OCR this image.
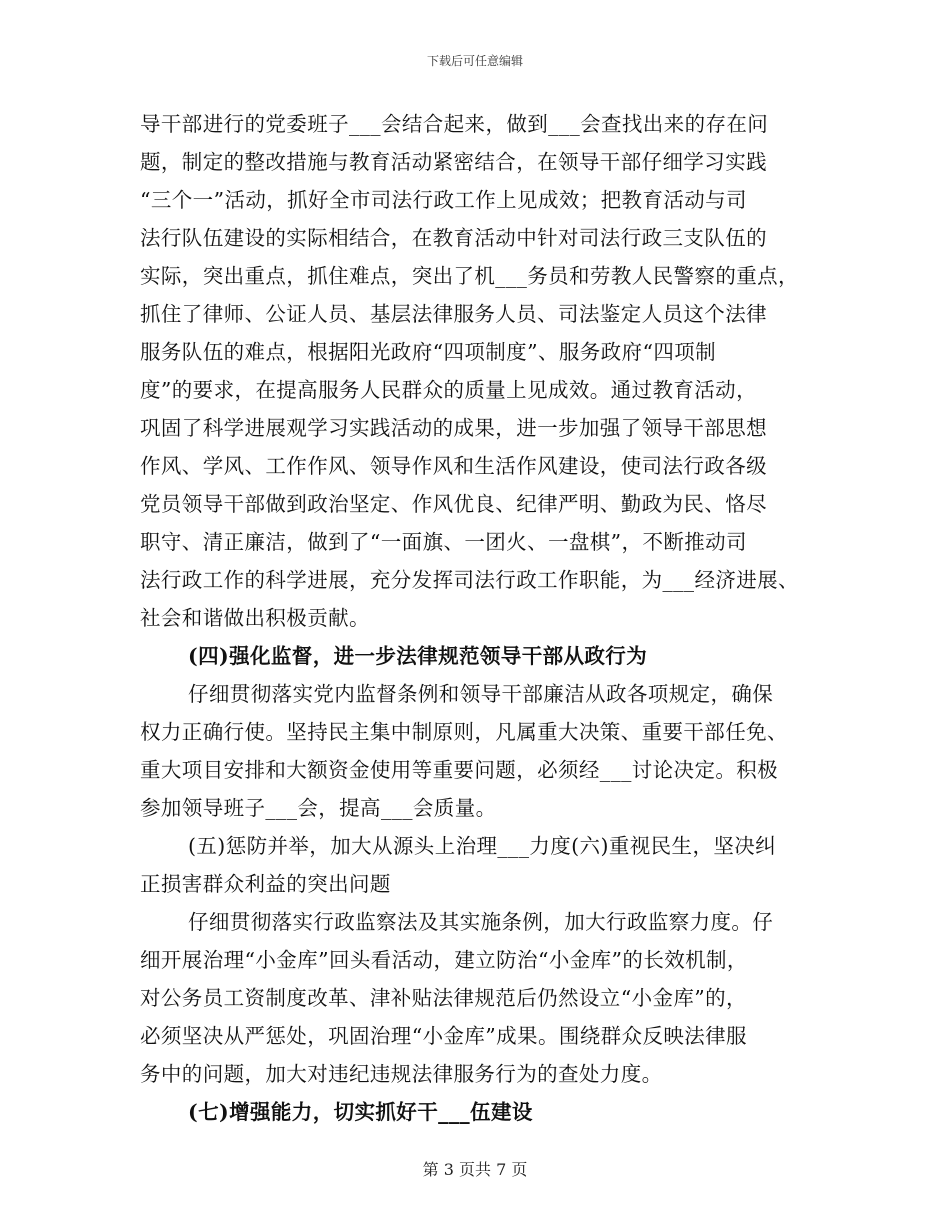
下载后可任意编辑
导干部进行的党委班子___会结合起来，做到___会查找出来的存在问
题，制定的整改措施与教育活动紧密结合，在领导干部仔细学习实践
“三个一”活动，抓好全市司法行政工作上见成效；把教育活动与司
法行队伍建设的实际相结合，在教育活动中针对司法行政三支队伍的
实际，突出重点，抓住难点，突出了机___务员和劳教人民警察的重点，
抓住了律师、公证人员、基层法律服务人员、司法鉴定人员这个法律
服务队伍的难点，根据阳光政府“四项制度”、服务政府“四项制
度”的要求，在提高服务人民群众的质量上见成效。通过教育活动，
巩固了科学进展观学习实践活动的成果，进一步加强了领导干部思想
作风、学风、工作作风、领导作风和生活作风建设，使司法行政各级
党员领导干部做到政治坚定、作风优良、纪律严明、勤政为民、恪尽
职守、清正廉洁，做到了“一面旗、一团火、一盘棋”，不断推动司
法行政工作的科学进展，充分发挥司法行政工作职能，为___经济进展、
社会和谐做出积极贡献。
(四)强化监督，进一步法律规范领导干部从政行为
仔细贯彻落实党内监督条例和领导干部廉洁从政各项规定，确保
权力正确行使。坚持民主集中制原则，凡属重大决策、重要干部任免、
重大项目安排和大额资金使用等重要问题，必须经___讨论决定。积极
参加领导班子___会，提高___会质量。
(五)惩防并举，加大从源头上治理___力度(六)重视民生，坚决纠
正损害群众利益的突出问题
仔细贯彻落实行政监察法及其实施条例，加大行政监察力度。仔
细开展治理“小金库”回头看活动，建立防治“小金库”的长效机制，
对公务员工资制度改革、津补贴法律规范后仍然设立“小金库”的，
必须坚决从严惩处，巩固治理“小金库”成果。围绕群众反映法律服
务中的问题，加大对违纪违规法律服务行为的查处力度。
(七)增强能力，切实抓好干___伍建设
第 3 页共 7 页
